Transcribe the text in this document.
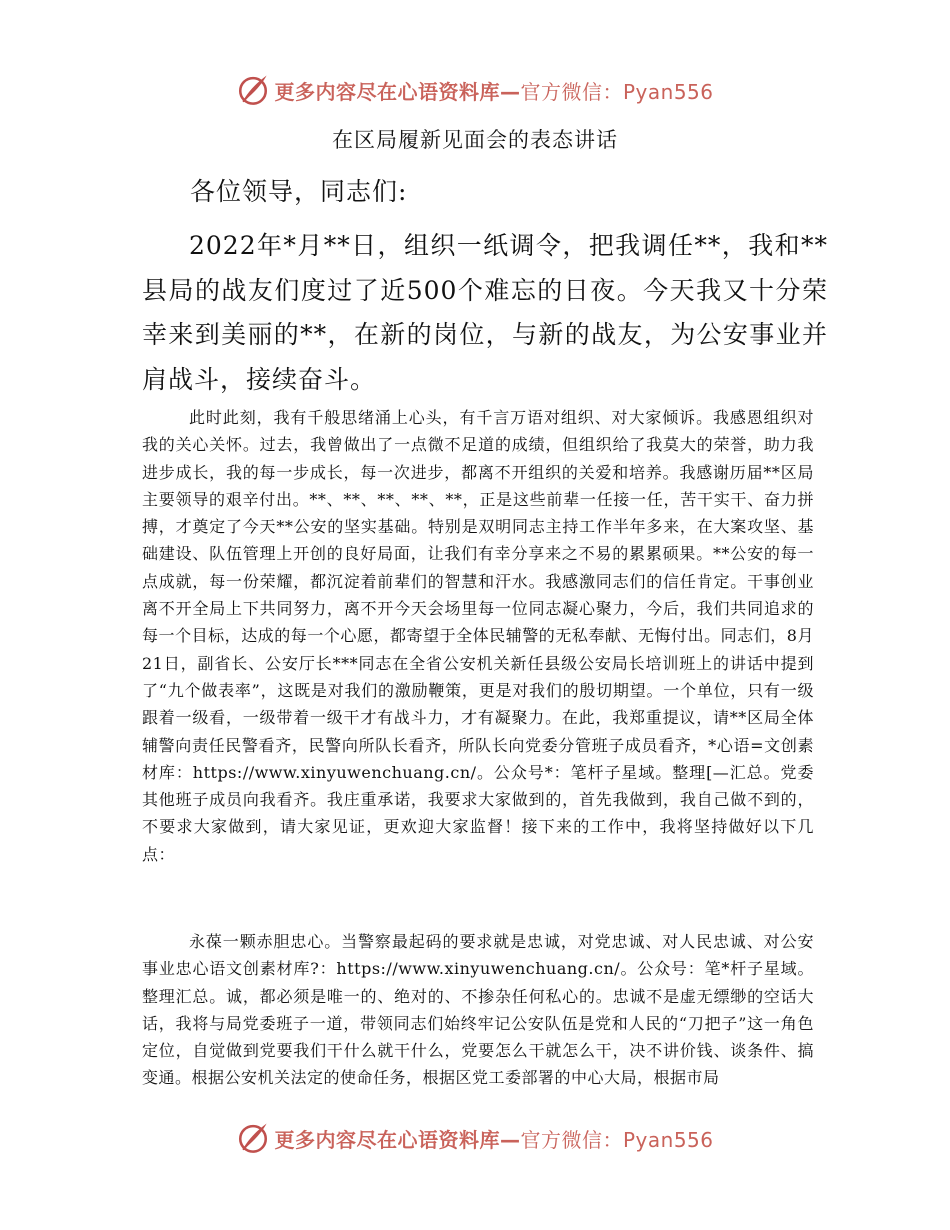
更多内容尽在心语资料库—官方微信：Pyan556
在区局履新见面会的表态讲话

各位领导，同志们:

2022年*月**日，组织一纸调令，把我调任**，我和**县局的战友们度过了近500个难忘的日夜。今天我又十分荣幸来到美丽的**，在新的岗位，与新的战友，为公安事业并肩战斗，接续奋斗。

此时此刻，我有千般思绪涌上心头，有千言万语对组织、对大家倾诉。我感恩组织对我的关心关怀。过去，我曾做出了一点微不足道的成绩，但组织给了我莫大的荣誉，助力我进步成长，我的每一步成长，每一次进步，都离不开组织的关爱和培养。我感谢历届**区局主要领导的艰辛付出。**、**、**、**、**，正是这些前辈一任接一任，苦干实干、奋力拼搏，才奠定了今天**公安的坚实基础。特别是双明同志主持工作半年多来，在大案攻坚、基础建设、队伍管理上开创的良好局面，让我们有幸分享来之不易的累累硕果。**公安的每一点成就，每一份荣耀，都沉淀着前辈们的智慧和汗水。我感激同志们的信任肯定。干事创业离不开全局上下共同努力，离不开今天会场里每一位同志凝心聚力，今后，我们共同追求的每一个目标，达成的每一个心愿，都寄望于全体民辅警的无私奉献、无悔付出。同志们，8月21日，副省长、公安厅长***同志在全省公安机关新任县级公安局长培训班上的讲话中提到了“九个做表率”，这既是对我们的激励鞭策，更是对我们的殷切期望。一个单位，只有一级跟着一级看，一级带着一级干才有战斗力，才有凝聚力。在此，我郑重提议，请**区局全体辅警向责任民警看齐，民警向所队长看齐，所队长向党委分管班子成员看齐，*心语=文创素材库：https://www.xinyuwenchuang.cn/。公众号*：笔杆子星域。整理[—汇总。党委其他班子成员向我看齐。我庄重承诺，我要求大家做到的，首先我做到，我自己做不到的，不要求大家做到，请大家见证，更欢迎大家监督！接下来的工作中，我将坚持做好以下几点：

永葆一颗赤胆忠心。当警察最起码的要求就是忠诚，对党忠诚、对人民忠诚、对公安事业忠心语文创素材库?：https://www.xinyuwenchuang.cn/。公众号：笔*杆子星域。整理汇总。诚，都必须是唯一的、绝对的、不掺杂任何私心的。忠诚不是虚无缥缈的空话大话，我将与局党委班子一道，带领同志们始终牢记公安队伍是党和人民的“刀把子”这一角色定位，自觉做到党要我们干什么就干什么，党要怎么干就怎么干，决不讲价钱、谈条件、搞变通。根据公安机关法定的使命任务，根据区党工委部署的中心大局，根据市局

更多内容尽在心语资料库—官方微信：Pyan556
